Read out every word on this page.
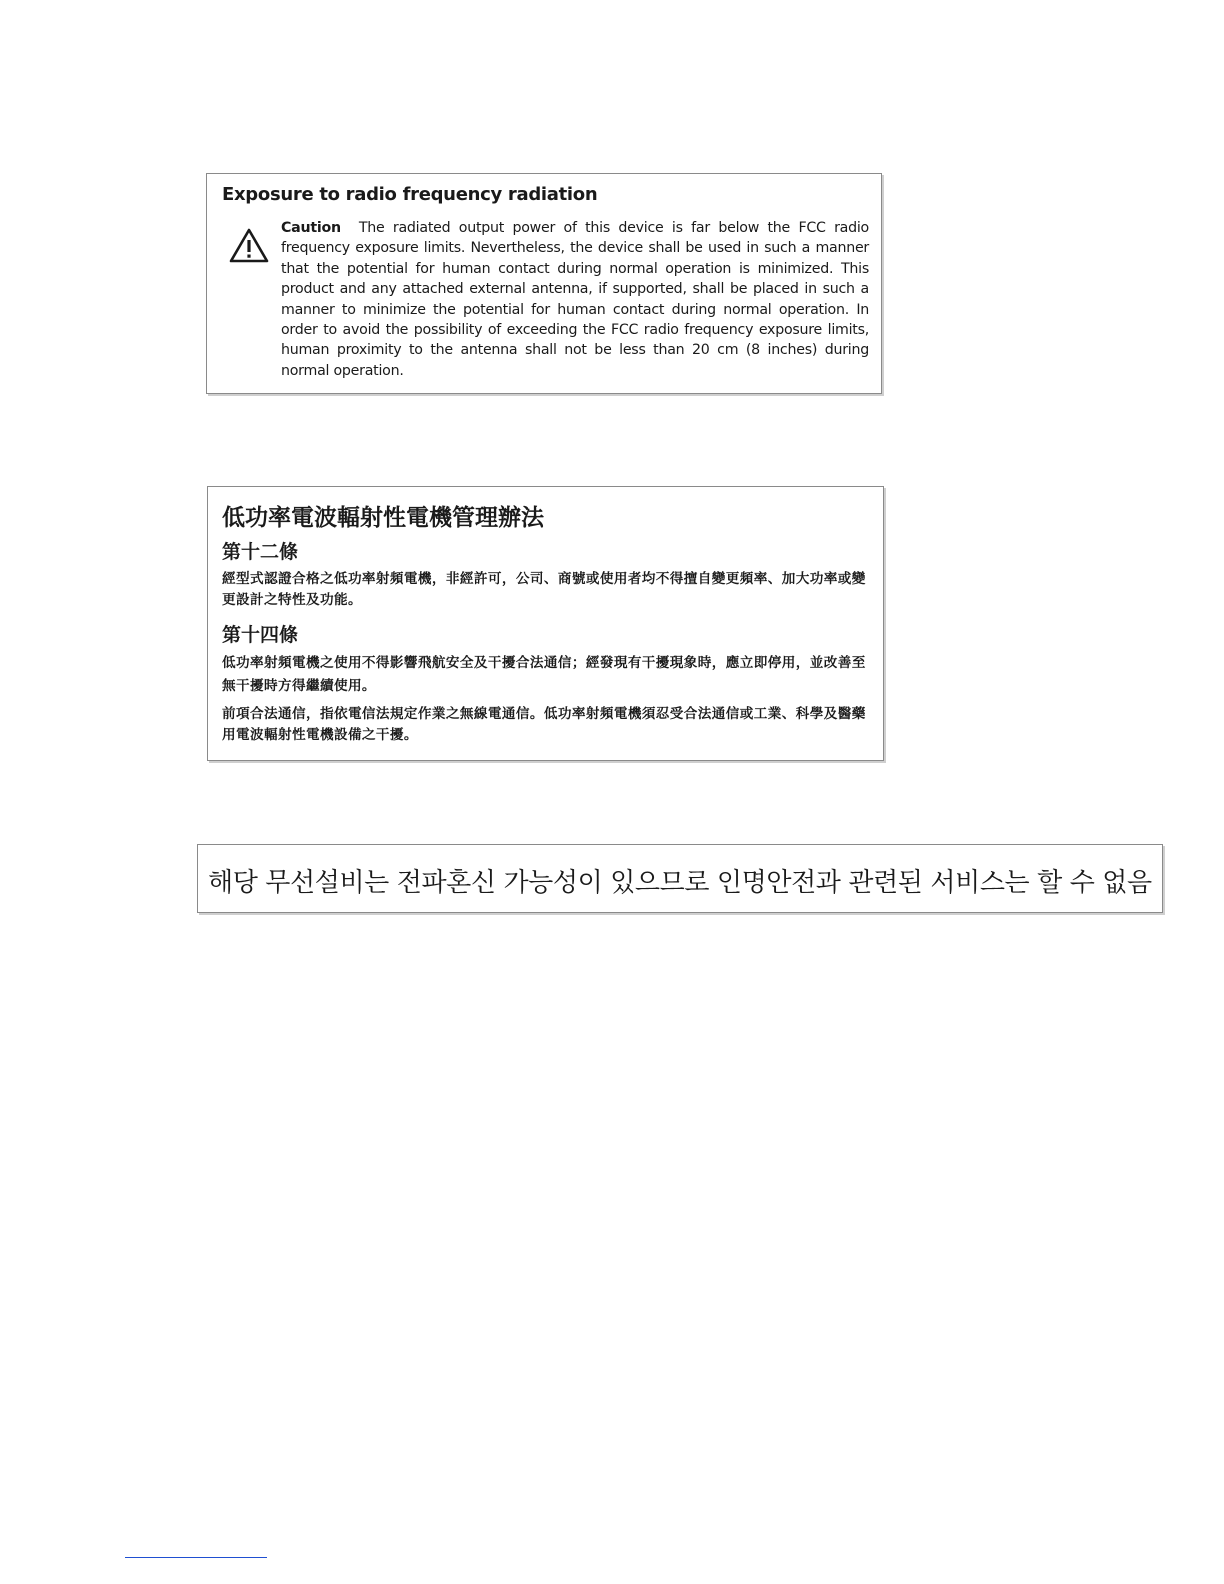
Exposure to radio frequency radiation
Caution The radiated output power of this device is far below the FCC radio frequency exposure limits. Nevertheless, the device shall be used in such a manner that the potential for human contact during normal operation is minimized. This product and any attached external antenna, if supported, shall be placed in such a manner to minimize the potential for human contact during normal operation. In order to avoid the possibility of exceeding the FCC radio frequency exposure limits, human proximity to the antenna shall not be less than 20 cm (8 inches) during normal operation.
低功率電波輻射性電機管理辦法
第十二條
經型式認證合格之低功率射頻電機，非經許可，公司、商號或使用者均不得擅自變更頻率、加大功率或變更設計之特性及功能。
第十四條
低功率射頻電機之使用不得影響飛航安全及干擾合法通信；經發現有干擾現象時，應立即停用，並改善至無干擾時方得繼續使用。
前項合法通信，指依電信法規定作業之無線電通信。低功率射頻電機須忍受合法通信或工業、科學及醫藥用電波輻射性電機設備之干擾。
해당 무선설비는 전파혼신 가능성이 있으므로 인명안전과 관련된 서비스는 할 수 없음
